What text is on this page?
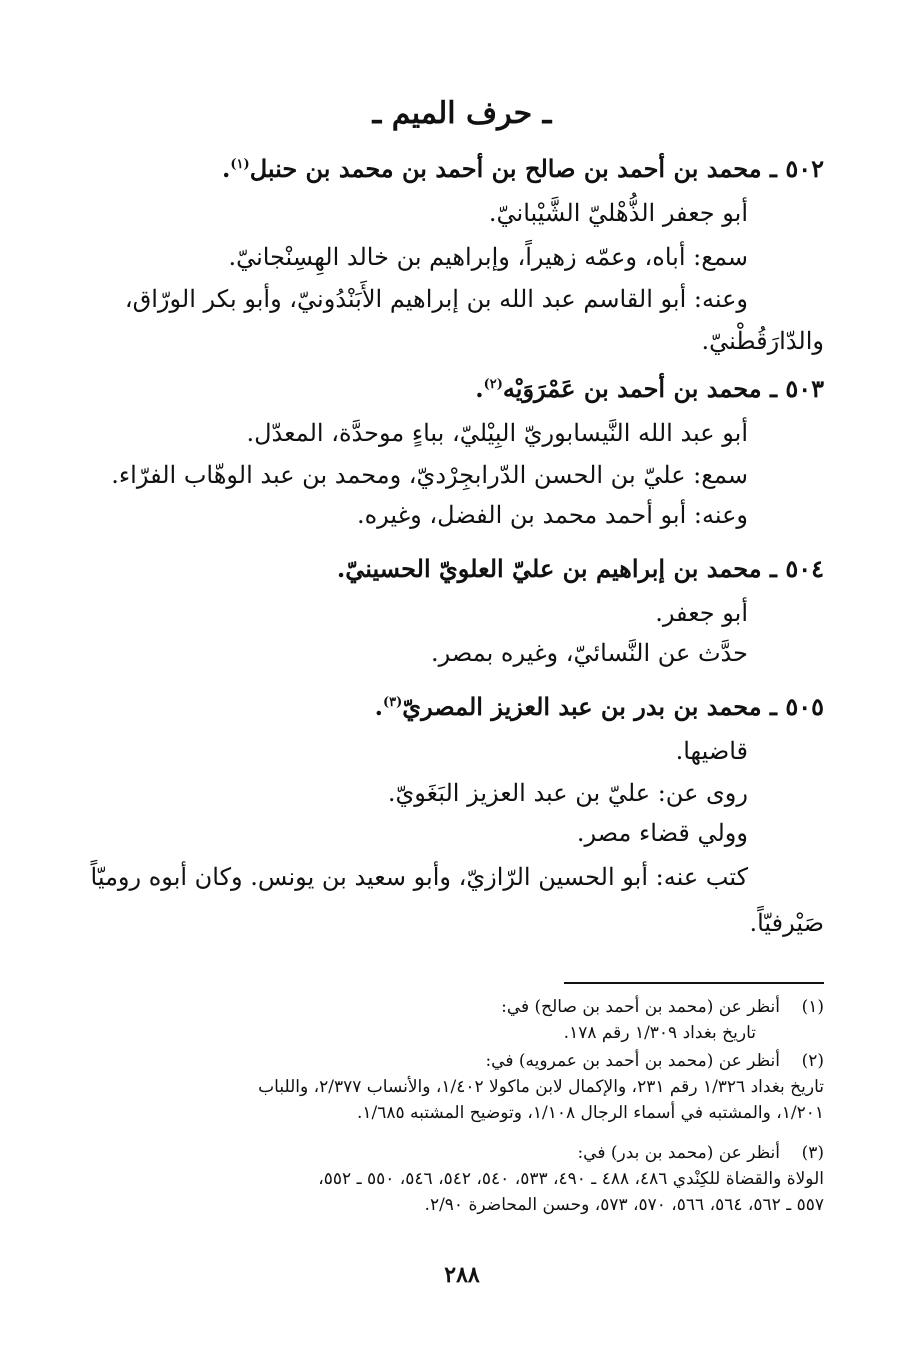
ـ حرف الميم ـ
٥٠٢ ـ محمد بن أحمد بن صالح بن أحمد بن محمد بن حنبل$^{(١)}$.
أبو جعفر الذُّهْليّ الشَّيْبانيّ.
سمع: أباه، وعمّه زهيراً، وإبراهيم بن خالد الهِسِنْجانيّ.
وعنه: أبو القاسم عبد الله بن إبراهيم الأَبَنْدُونيّ، وأبو بكر الورّاق،
والدّارَقُطْنيّ.
٥٠٣ ـ محمد بن أحمد بن عَمْرَوَيْه$^{(٢)}$.
أبو عبد الله النَّيسابوريّ البِيْليّ، بباءٍ موحدَّة، المعدّل.
سمع: عليّ بن الحسن الدّرابجِرْديّ، ومحمد بن عبد الوهّاب الفرّاء.
وعنه: أبو أحمد محمد بن الفضل، وغيره.
٥٠٤ ـ محمد بن إبراهيم بن عليّ العلويّ الحسينيّ.
أبو جعفر.
حدَّث عن النَّسائيّ، وغيره بمصر.
٥٠٥ ـ محمد بن بدر بن عبد العزيز المصريّ$^{(٣)}$.
قاضيها.
روى عن: عليّ بن عبد العزيز البَغَويّ.
وولي قضاء مصر.
كتب عنه: أبو الحسين الرّازيّ، وأبو سعيد بن يونس. وكان أبوه روميّاً
صَيْرفيّاً.
(١)أنظر عن (محمد بن أحمد بن صالح) في:
تاريخ بغداد ١/٣٠٩ رقم ١٧٨.
(٢)أنظر عن (محمد بن أحمد بن عمرويه) في:
تاريخ بغداد ١/٣٢٦ رقم ٢٣١، والإكمال لابن ماكولا ١/٤٠٢، والأنساب ٢/٣٧٧، واللباب
١/٢٠١، والمشتبه في أسماء الرجال ١/١٠٨، وتوضيح المشتبه ١/٦٨٥.
(٣)أنظر عن (محمد بن بدر) في:
الولاة والقضاة للكِنْدي ٤٨٦، ٤٨٨ ـ ٤٩٠، ٥٣٣، ٥٤٠، ٥٤٢، ٥٤٦، ٥٥٠ ـ ٥٥٢،
٥٥٧ ـ ٥٦٢، ٥٦٤، ٥٦٦، ٥٧٠، ٥٧٣، وحسن المحاضرة ٢/٩٠.
٢٨٨
